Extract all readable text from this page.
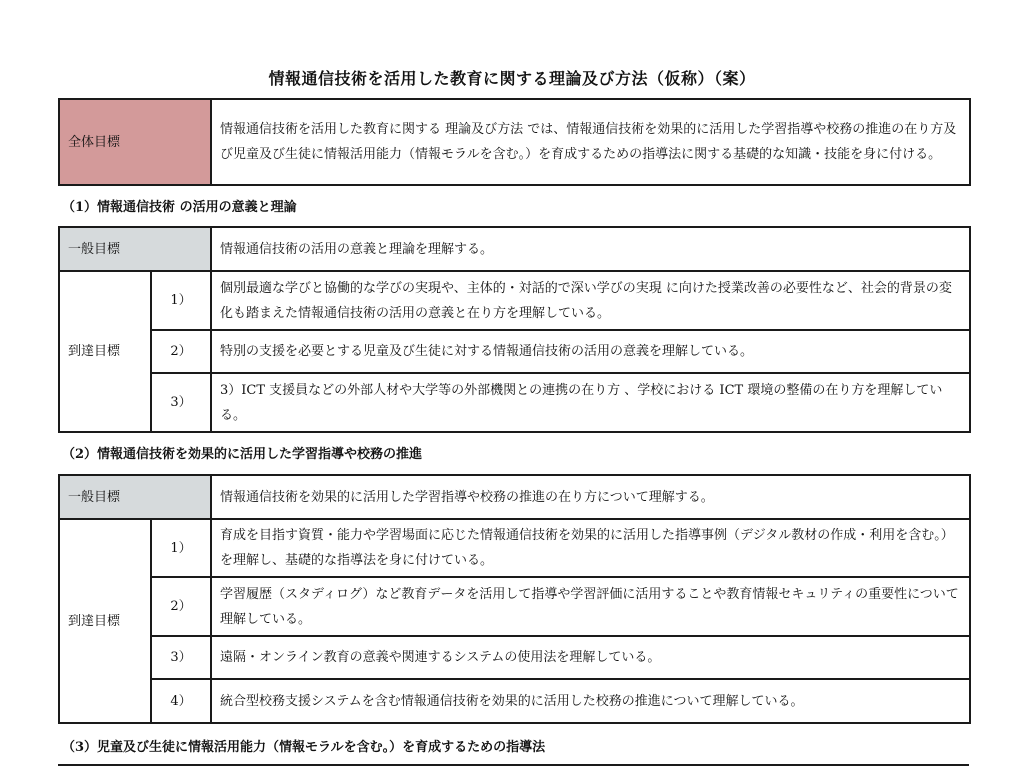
情報通信技術を活用した教育に関する理論及び方法（仮称）（案）
全体目標	情報通信技術を活用した教育に関する 理論及び方法 では、情報通信技術を効果的に活用した学習指導や校務の推進の在り方及び児童及び生徒に情報活用能力（情報モラルを含む。）を育成するための指導法に関する基礎的な知識・技能を身に付ける。
（1）情報通信技術 の活用の意義と理論
一般目標		情報通信技術の活用の意義と理論を理解する。
到達目標	1）	個別最適な学びと協働的な学びの実現や、主体的・対話的で深い学びの実現 に向けた授業改善の必要性など、社会的背景の変化も踏まえた情報通信技術の活用の意義と在り方を理解している。
	2）	特別の支援を必要とする児童及び生徒に対する情報通信技術の活用の意義を理解している。
	3）	3）ICT 支援員などの外部人材や大学等の外部機関との連携の在り方 、学校における ICT 環境の整備の在り方を理解している。
（2）情報通信技術を効果的に活用した学習指導や校務の推進
一般目標		情報通信技術を効果的に活用した学習指導や校務の推進の在り方について理解する。
到達目標	1）	育成を目指す資質・能力や学習場面に応じた情報通信技術を効果的に活用した指導事例（デジタル教材の作成・利用を含む。）を理解し、基礎的な指導法を身に付けている。
	2）	学習履歴（スタディログ）など教育データを活用して指導や学習評価に活用することや教育情報セキュリティの重要性について理解している。
	3）	遠隔・オンライン教育の意義や関連するシステムの使用法を理解している。
	4）	統合型校務支援システムを含む情報通信技術を効果的に活用した校務の推進について理解している。
（3）児童及び生徒に情報活用能力（情報モラルを含む。）を育成するための指導法
